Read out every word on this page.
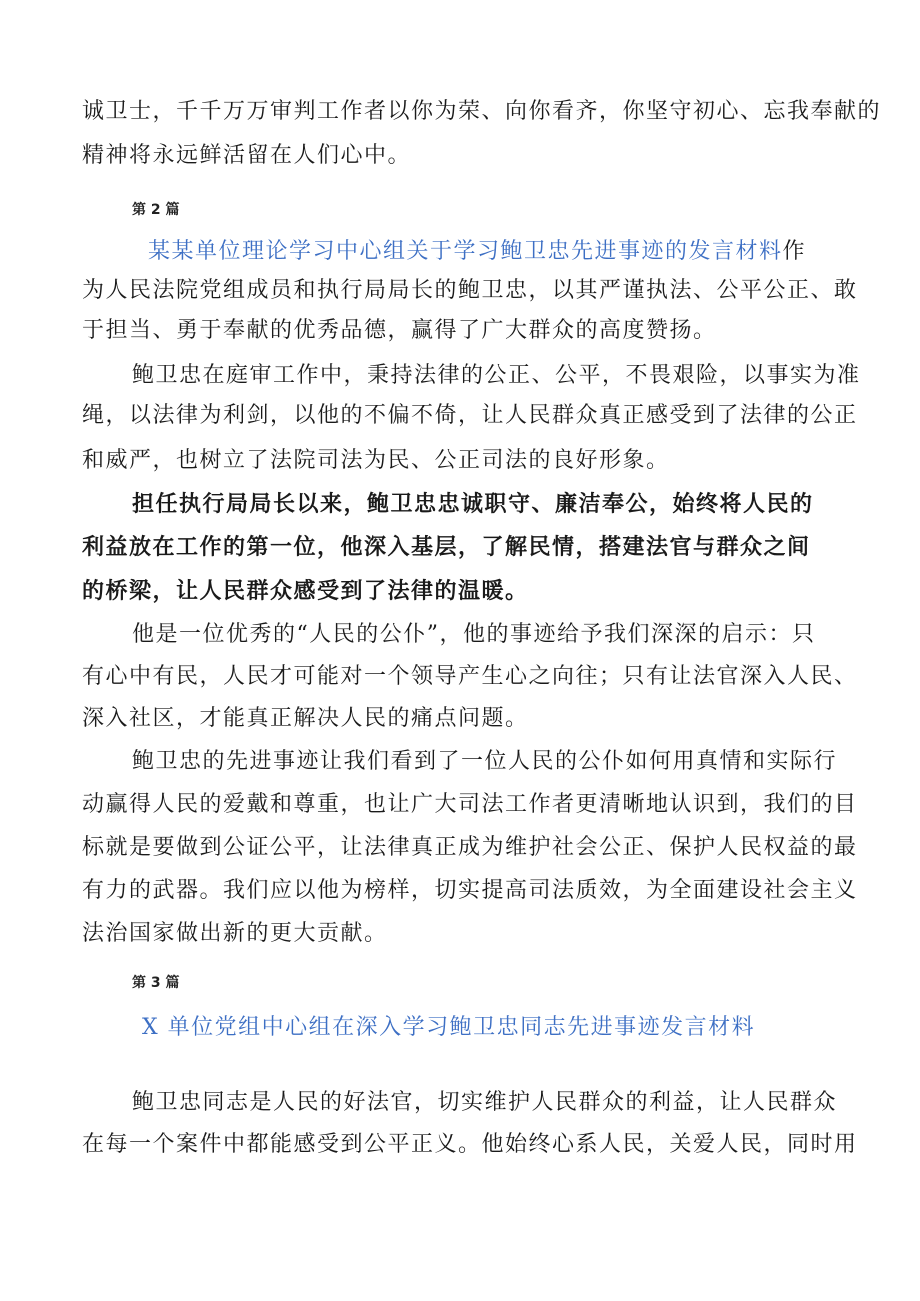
诚卫士，千千万万审判工作者以你为荣、向你看齐，你坚守初心、忘我奉献的
精神将永远鲜活留在人们心中。
第 2 篇
某某单位理论学习中心组关于学习鲍卫忠先进事迹的发言材料作
为人民法院党组成员和执行局局长的鲍卫忠，以其严谨执法、公平公正、敢
于担当、勇于奉献的优秀品德，赢得了广大群众的高度赞扬。
鲍卫忠在庭审工作中，秉持法律的公正、公平，不畏艰险，以事实为准
绳，以法律为利剑，以他的不偏不倚，让人民群众真正感受到了法律的公正
和威严，也树立了法院司法为民、公正司法的良好形象。
担任执行局局长以来，鲍卫忠忠诚职守、廉洁奉公，始终将人民的
利益放在工作的第一位，他深入基层，了解民情，搭建法官与群众之间
的桥梁，让人民群众感受到了法律的温暖。
他是一位优秀的“人民的公仆”，他的事迹给予我们深深的启示：只
有心中有民，人民才可能对一个领导产生心之向往；只有让法官深入人民、
深入社区，才能真正解决人民的痛点问题。
鲍卫忠的先进事迹让我们看到了一位人民的公仆如何用真情和实际行
动赢得人民的爱戴和尊重，也让广大司法工作者更清晰地认识到，我们的目
标就是要做到公证公平，让法律真正成为维护社会公正、保护人民权益的最
有力的武器。我们应以他为榜样，切实提高司法质效，为全面建设社会主义
法治国家做出新的更大贡献。
第 3 篇
X 单位党组中心组在深入学习鲍卫忠同志先进事迹发言材料
鲍卫忠同志是人民的好法官，切实维护人民群众的利益，让人民群众
在每一个案件中都能感受到公平正义。他始终心系人民，关爱人民，同时用
